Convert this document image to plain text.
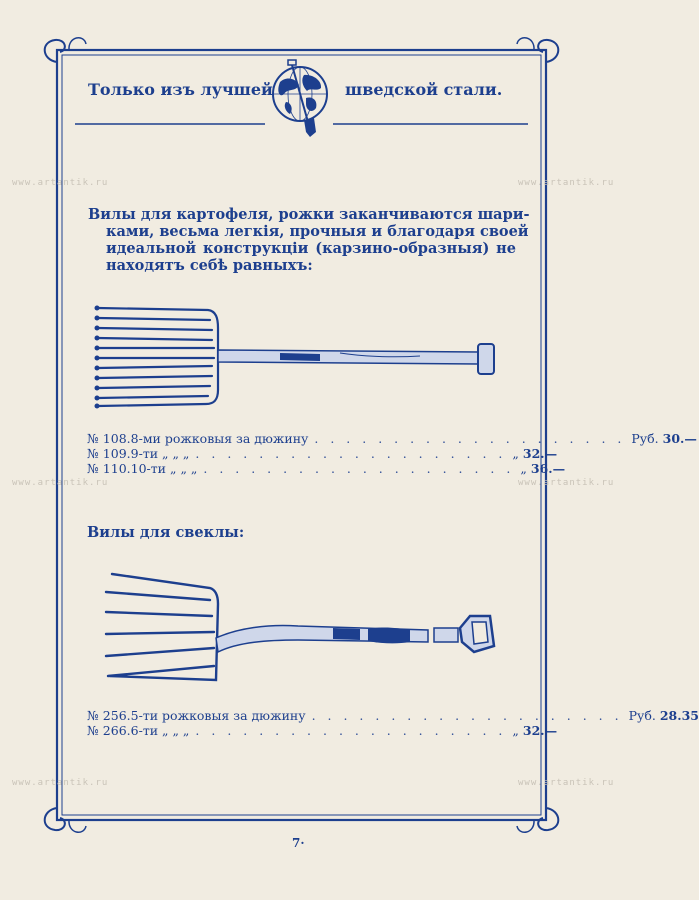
Только изъ лучшей	шведской стали.
Вилы для картофеля, рожки заканчиваются шари-
ками, весьма легкія, прочныя и благодаря своей
идеальной конструкціи (карзино-образныя) не
находятъ себѣ равныхъ:
№ 108. 8-ми рожковыя за дюжину . . . . . . . . . . . . . . . . . . . . Руб. 30.—
№ 109. 9-ти „ „ „ . . . . . . . . . . . . . . . . . . . . „ 32.—
№ 110. 10-ти „ „ „ . . . . . . . . . . . . . . . . . . . . „ 36.—
Вилы для свеклы:
№ 256. 5-ти рожковыя за дюжину . . . . . . . . . . . . . . . . . . . . Руб. 28.35
№ 266. 6-ти „ „ „ . . . . . . . . . . . . . . . . . . . . „ 32.—
7·
www.artantik.ru	www.artantik.ru
www.artantik.ru	www.artantik.ru
www.artantik.ru	www.artantik.ru
